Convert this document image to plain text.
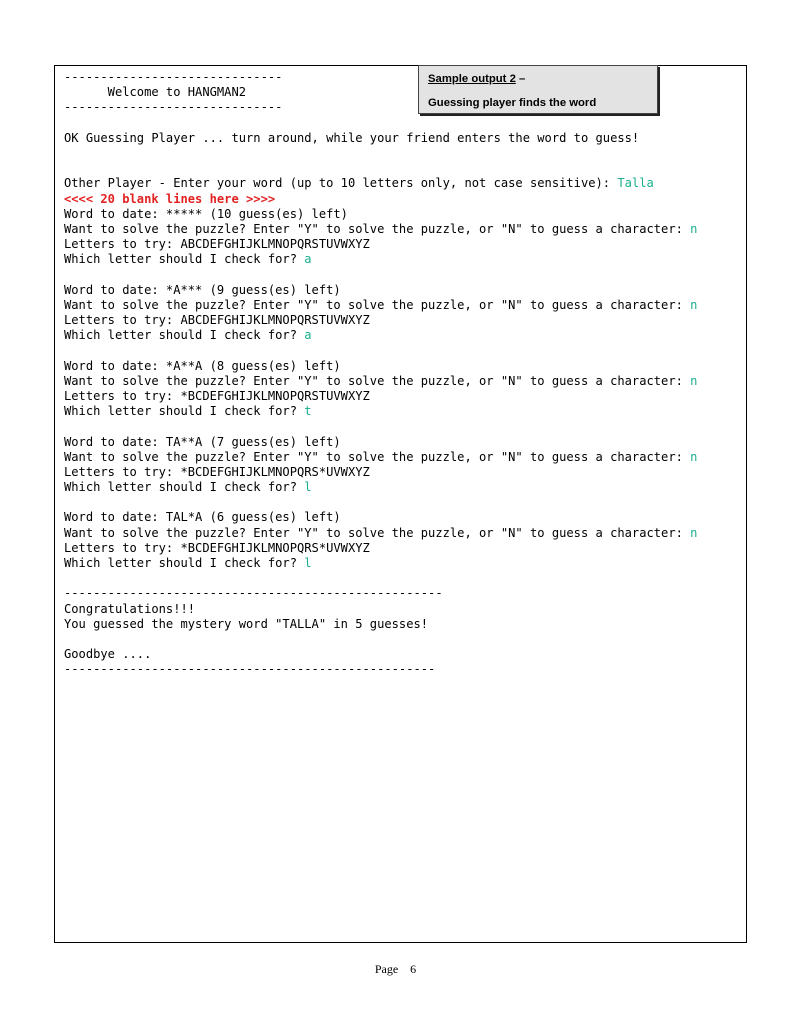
------------------------------
Welcome to HANGMAN2
------------------------------
OK Guessing Player ... turn around, while your friend enters the word to guess!
Other Player - Enter your word (up to 10 letters only, not case sensitive): Talla
<<<< 20 blank lines here >>>>
Word to date: ***** (10 guess(es) left)
Want to solve the puzzle? Enter "Y" to solve the puzzle, or "N" to guess a character: n
Letters to try: ABCDEFGHIJKLMNOPQRSTUVWXYZ
Which letter should I check for? a
Word to date: *A*** (9 guess(es) left)
Want to solve the puzzle? Enter "Y" to solve the puzzle, or "N" to guess a character: n
Letters to try: ABCDEFGHIJKLMNOPQRSTUVWXYZ
Which letter should I check for? a
Word to date: *A**A (8 guess(es) left)
Want to solve the puzzle? Enter "Y" to solve the puzzle, or "N" to guess a character: n
Letters to try: *BCDEFGHIJKLMNOPQRSTUVWXYZ
Which letter should I check for? t
Word to date: TA**A (7 guess(es) left)
Want to solve the puzzle? Enter "Y" to solve the puzzle, or "N" to guess a character: n
Letters to try: *BCDEFGHIJKLMNOPQRS*UVWXYZ
Which letter should I check for? l
Word to date: TAL*A (6 guess(es) left)
Want to solve the puzzle? Enter "Y" to solve the puzzle, or "N" to guess a character: n
Letters to try: *BCDEFGHIJKLMNOPQRS*UVWXYZ
Which letter should I check for? l
----------------------------------------------------
Congratulations!!!
You guessed the mystery word "TALLA" in 5 guesses!
Goodbye ....
---------------------------------------------------
Sample output 2 –
Guessing player finds the word
Page 6
